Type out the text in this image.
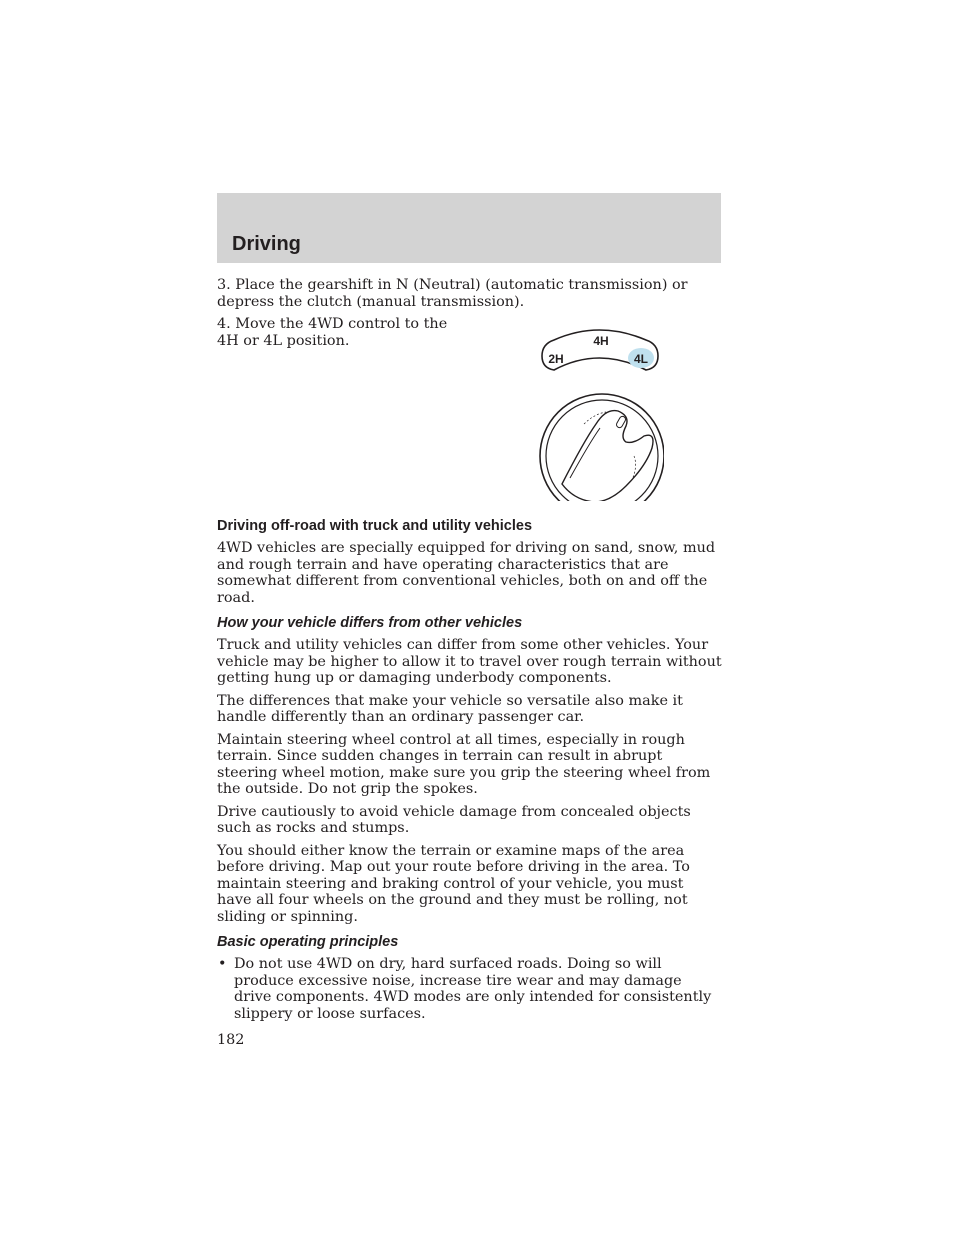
Driving

3. Place the gearshift in N (Neutral) (automatic transmission) or depress the clutch (manual transmission).

4. Move the 4WD control to the 4H or 4L position.	4H
2H	4L
Driving off-road with truck and utility vehicles

4WD vehicles are specially equipped for driving on sand, snow, mud and rough terrain and have operating characteristics that are somewhat different from conventional vehicles, both on and off the road.

How your vehicle differs from other vehicles

Truck and utility vehicles can differ from some other vehicles. Your vehicle may be higher to allow it to travel over rough terrain without getting hung up or damaging underbody components.

The differences that make your vehicle so versatile also make it handle differently than an ordinary passenger car.

Maintain steering wheel control at all times, especially in rough terrain. Since sudden changes in terrain can result in abrupt steering wheel motion, make sure you grip the steering wheel from the outside. Do not grip the spokes.

Drive cautiously to avoid vehicle damage from concealed objects such as rocks and stumps.

You should either know the terrain or examine maps of the area before driving. Map out your route before driving in the area. To maintain steering and braking control of your vehicle, you must have all four wheels on the ground and they must be rolling, not sliding or spinning.

Basic operating principles
• Do not use 4WD on dry, hard surfaced roads. Doing so will produce excessive noise, increase tire wear and may damage drive components. 4WD modes are only intended for consistently slippery or loose surfaces.
182
